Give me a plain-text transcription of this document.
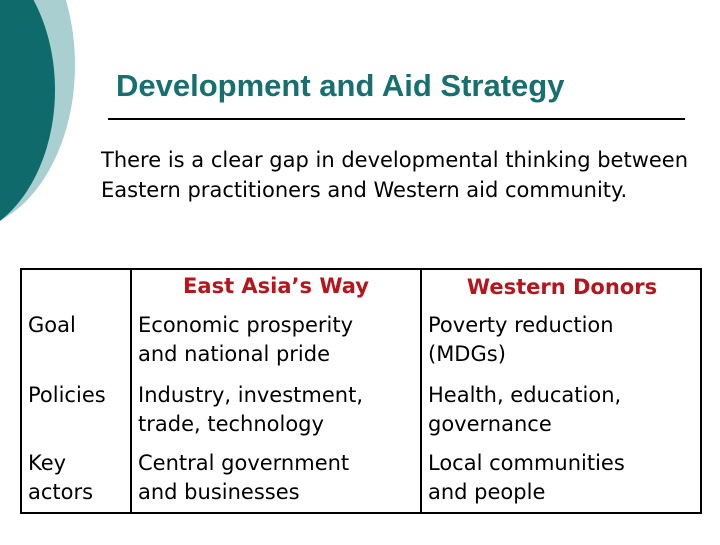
Development and Aid Strategy

There is a clear gap in developmental thinking between Eastern practitioners and Western aid community.

East Asia’s Way	Western Donors
Goal	Economic prosperity
and national pride
Poverty reduction
(MDGs)
Policies Industry, investment,
trade, technology
Health, education,
governance
Key
actors
Central government
and businesses
Local communities
and people
